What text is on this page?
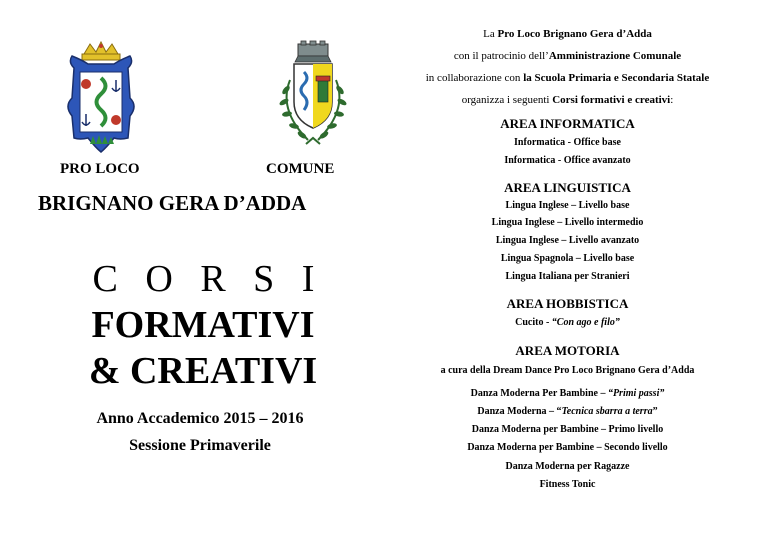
PRO LOCO	COMUNE
BRIGNANO GERA D’ADDA
C O R S I
FORMATIVI
& CREATIVI
Anno Accademico 2015 – 2016
Sessione Primaverile
La Pro Loco Brignano Gera d’Adda
con il patrocinio dell’Amministrazione Comunale
in collaborazione con la Scuola Primaria e Secondaria Statale
organizza i seguenti Corsi formativi e creativi:
AREA INFORMATICA
Informatica - Office base
Informatica - Office avanzato
AREA LINGUISTICA
Lingua Inglese – Livello base
Lingua Inglese – Livello intermedio
Lingua Inglese – Livello avanzato
Lingua Spagnola – Livello base
Lingua Italiana per Stranieri
AREA HOBBISTICA
Cucito - “Con ago e filo”
AREA MOTORIA
a cura della Dream Dance Pro Loco Brignano Gera d’Adda
Danza Moderna Per Bambine – “Primi passi”
Danza Moderna – “Tecnica sbarra a terra”
Danza Moderna per Bambine – Primo livello
Danza Moderna per Bambine – Secondo livello
Danza Moderna per Ragazze
Fitness Tonic
